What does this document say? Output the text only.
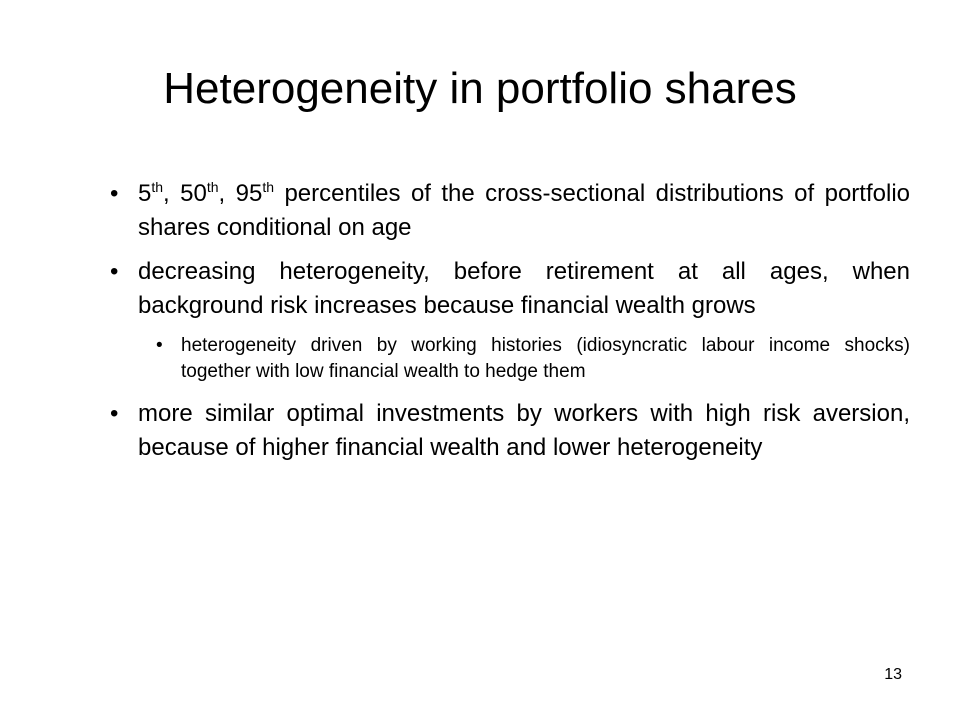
Heterogeneity in portfolio shares
• 5th, 50th, 95th percentiles of the cross-sectional distributions of portfolio shares conditional on age
• decreasing heterogeneity, before retirement at all ages, when background risk increases because financial wealth grows
• heterogeneity driven by working histories (idiosyncratic labour income shocks) together with low financial wealth to hedge them
• more similar optimal investments by workers with high risk aversion, because of higher financial wealth and lower heterogeneity
13
